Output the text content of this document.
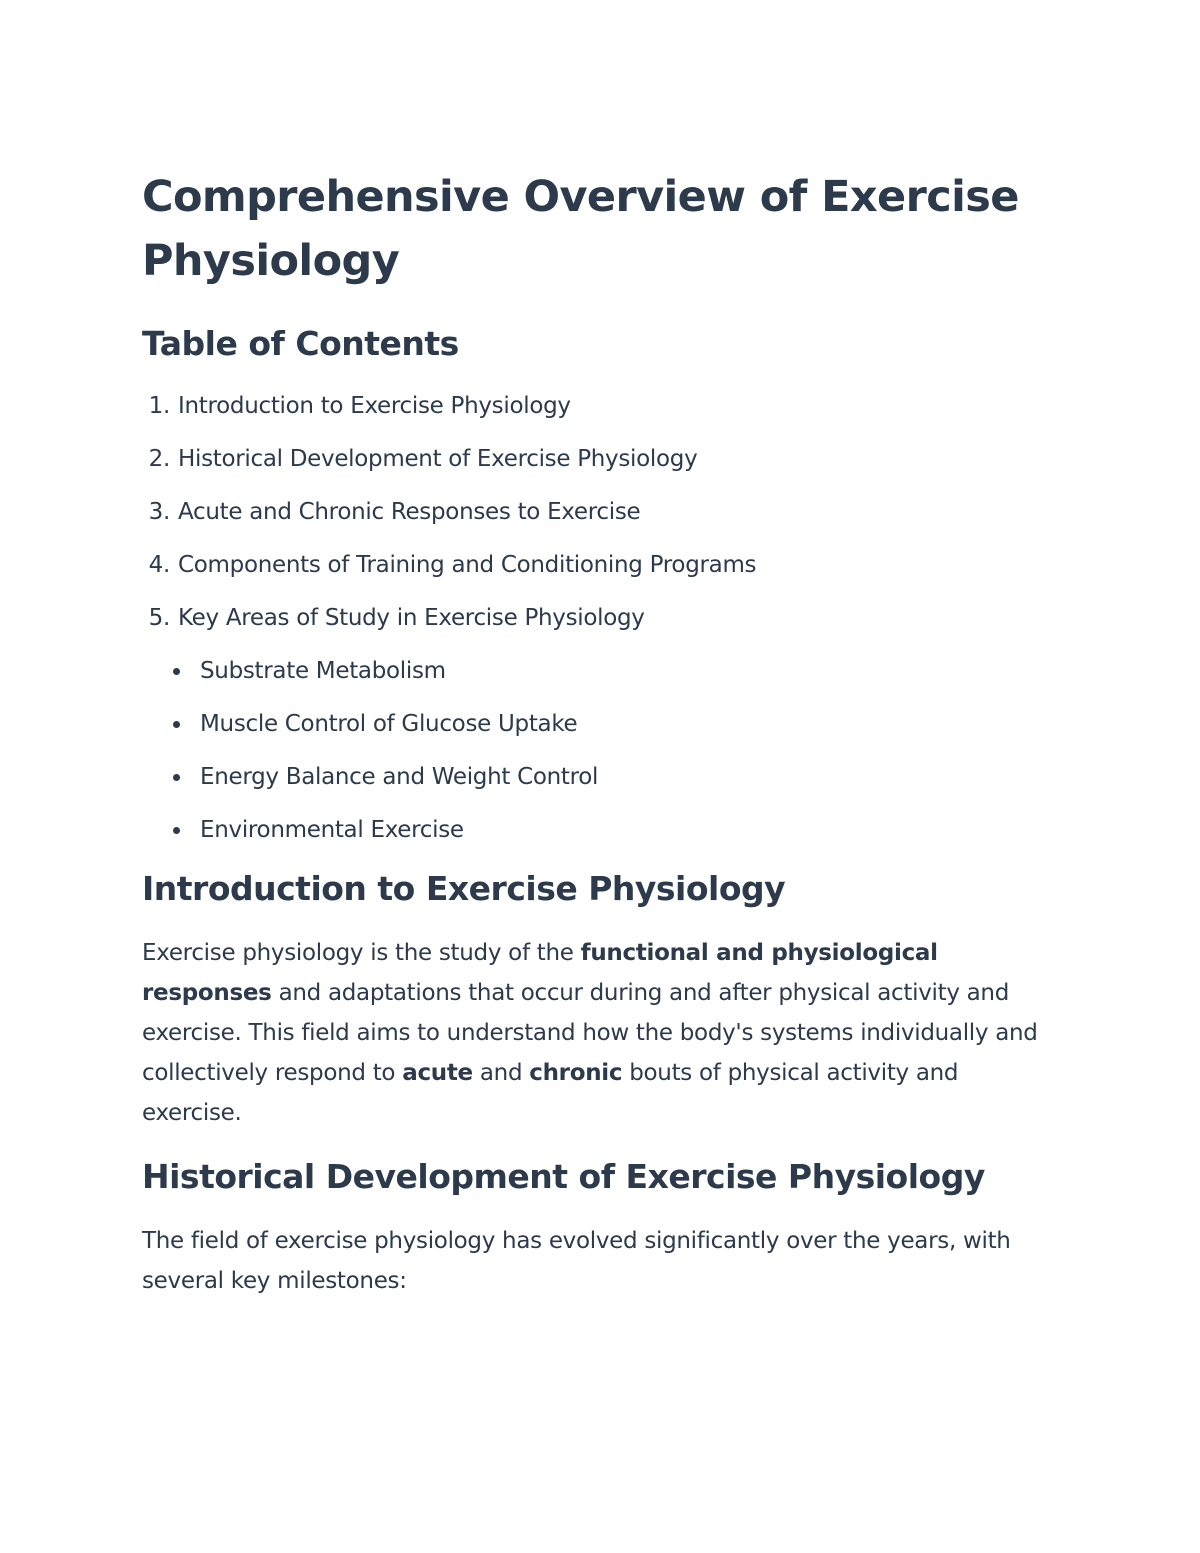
Comprehensive Overview of Exercise Physiology
Table of Contents
1. Introduction to Exercise Physiology
2. Historical Development of Exercise Physiology
3. Acute and Chronic Responses to Exercise
4. Components of Training and Conditioning Programs
5. Key Areas of Study in Exercise Physiology
Substrate Metabolism
Muscle Control of Glucose Uptake
Energy Balance and Weight Control
Environmental Exercise
Introduction to Exercise Physiology

Exercise physiology is the study of the functional and physiological responses and adaptations that occur during and after physical activity and exercise. This field aims to understand how the body's systems individually and collectively respond to acute and chronic bouts of physical activity and exercise.

Historical Development of Exercise Physiology

The field of exercise physiology has evolved significantly over the years, with several key milestones:
